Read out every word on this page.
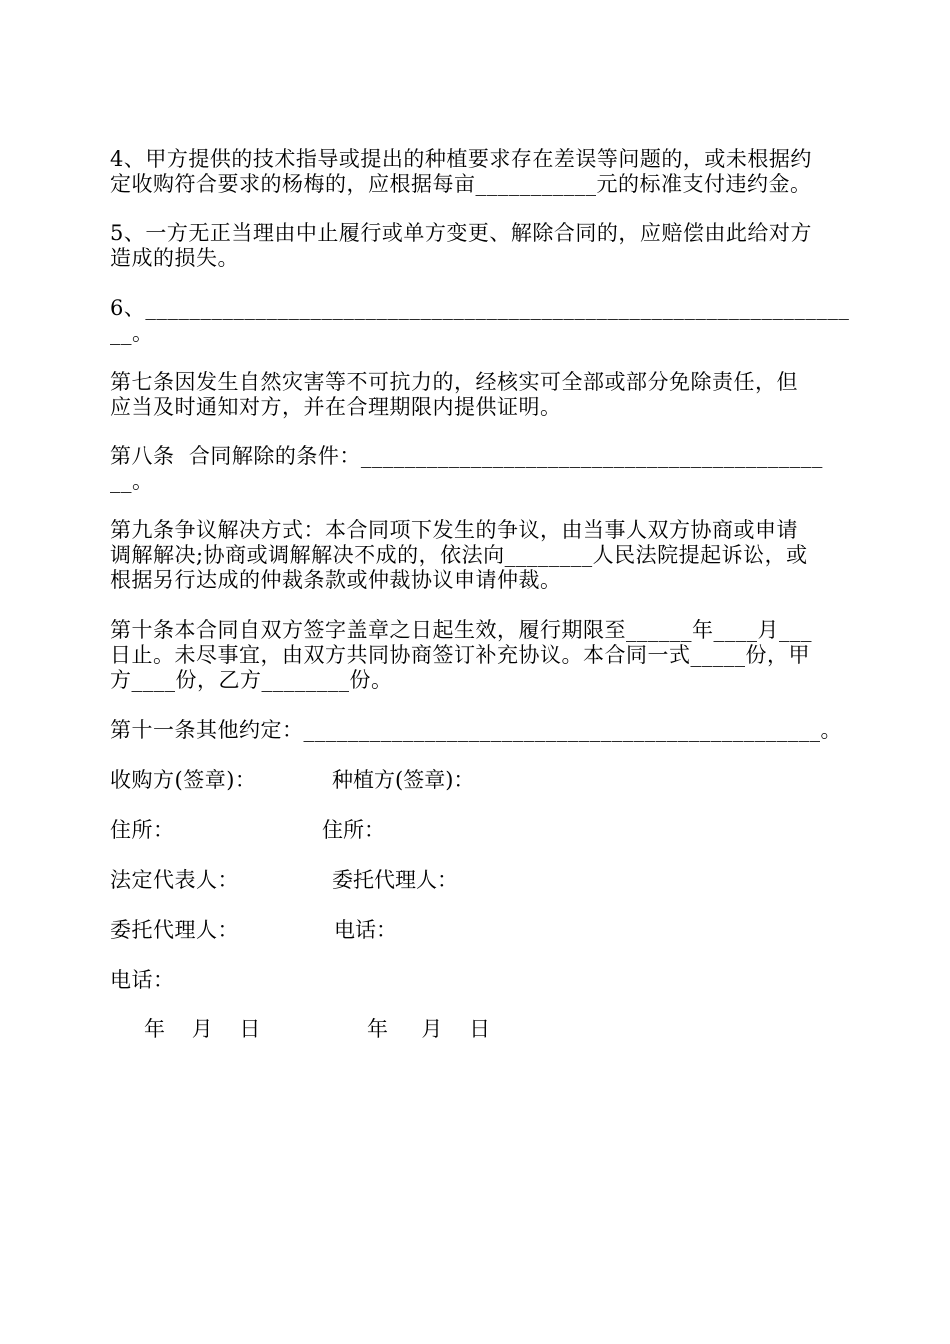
4、甲方提供的技术指导或提出的种植要求存在差误等问题的，或未根据约
定收购符合要求的杨梅的，应根据每亩___________元的标准支付违约金。
5、一方无正当理由中止履行或单方变更、解除合同的，应赔偿由此给对方
造成的损失。
6、________________________________________________________________
__。
第七条因发生自然灾害等不可抗力的，经核实可全部或部分免除责任，但
应当及时通知对方，并在合理期限内提供证明。
第八条  合同解除的条件：__________________________________________
__。
第九条争议解决方式：本合同项下发生的争议，由当事人双方协商或申请
调解解决;协商或调解解决不成的，依法向________人民法院提起诉讼，或
根据另行达成的仲裁条款或仲裁协议申请仲裁。
第十条本合同自双方签字盖章之日起生效，履行期限至______年____月___
日止。未尽事宜，由双方共同协商签订补充协议。本合同一式_____份，甲
方____份，乙方________份。
第十一条其他约定：_______________________________________________。
收购方(签章)：	种植方(签章)：
住所：	住所：
法定代表人：	委托代理人：
委托代理人：	电话：
电话：
年    月    日	年     月    日
